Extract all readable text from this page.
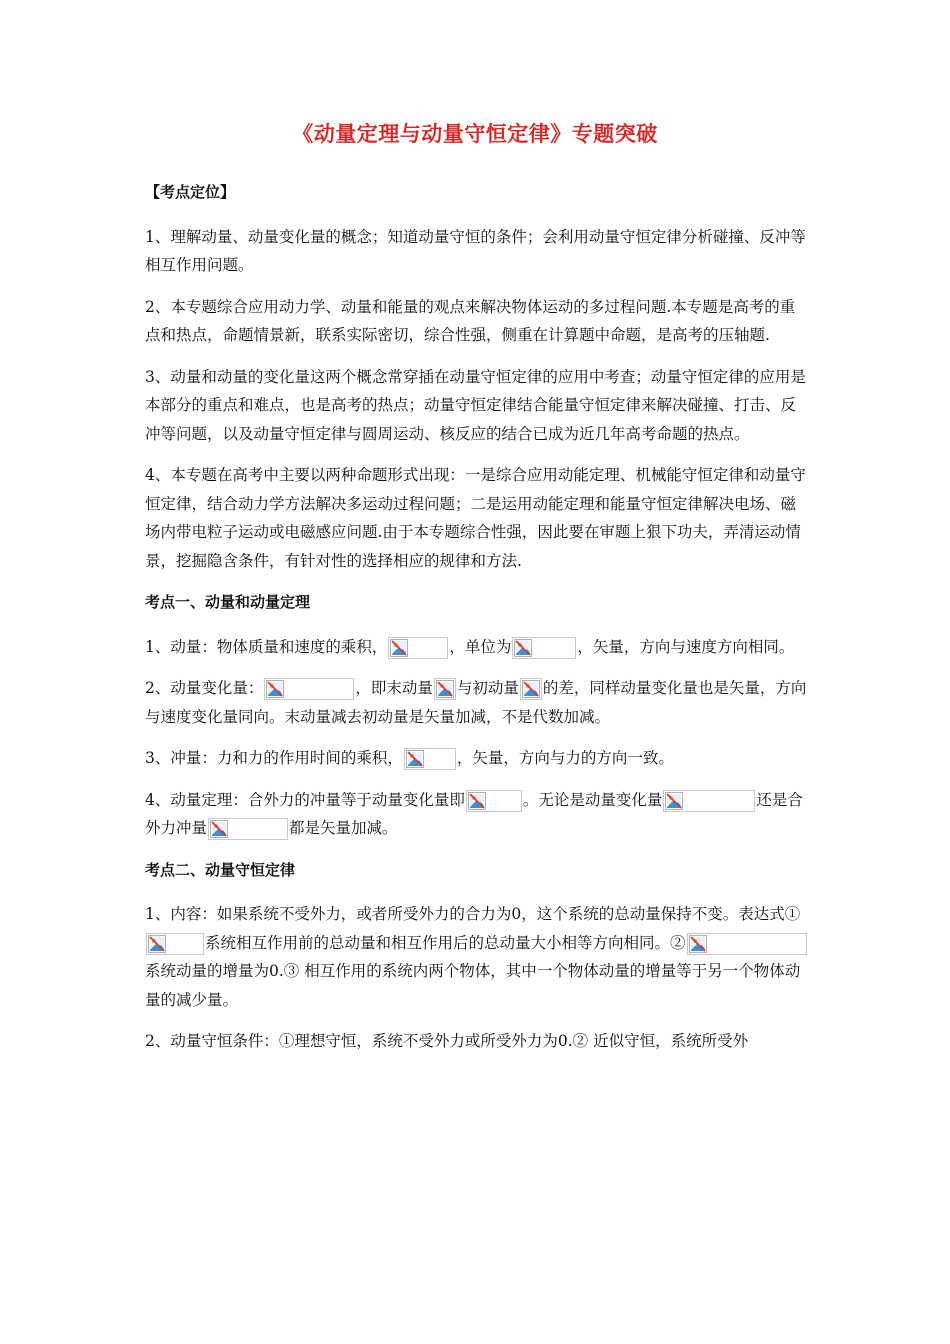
《动量定理与动量守恒定律》专题突破

【考点定位】

1、理解动量、动量变化量的概念；知道动量守恒的条件；会利用动量守恒定律分析碰撞、反冲等相互作用问题。

2、本专题综合应用动力学、动量和能量的观点来解决物体运动的多过程问题.本专题是高考的重点和热点，命题情景新，联系实际密切，综合性强，侧重在计算题中命题，是高考的压轴题.

3、动量和动量的变化量这两个概念常穿插在动量守恒定律的应用中考查；动量守恒定律的应用是本部分的重点和难点，也是高考的热点；动量守恒定律结合能量守恒定律来解决碰撞、打击、反冲等问题，以及动量守恒定律与圆周运动、核反应的结合已成为近几年高考命题的热点。

4、本专题在高考中主要以两种命题形式出现：一是综合应用动能定理、机械能守恒定律和动量守恒定律，结合动力学方法解决多运动过程问题；二是运用动能定理和能量守恒定律解决电场、磁场内带电粒子运动或电磁感应问题.由于本专题综合性强，因此要在审题上狠下功夫，弄清运动情景，挖掘隐含条件，有针对性的选择相应的规律和方法.

考点一、动量和动量定理

1、动量：物体质量和速度的乘积，	，单位为	，矢量，方向与速度方向相同。

2、动量变化量：	，即末动量 与初动量 的差，同样动量变化量也是矢量，方向与速度变化量同向。末动量减去初动量是矢量加减，不是代数加减。

3、冲量：力和力的作用时间的乘积，	，矢量，方向与力的方向一致。

4、动量定理：合外力的冲量等于动量变化量即	。无论是动量变化量	还是合外力冲量	都是矢量加减。

考点二、动量守恒定律

1、内容：如果系统不受外力，或者所受外力的合力为0，这个系统的总动量保持不变。表达式①
系统相互作用前的总动量和相互作用后的总动量大小相等方向相同。②
系统动量的增量为0.③ 相互作用的系统内两个物体，其中一个物体动量的增量等于另一个物体动量的减少量。

2、动量守恒条件：①理想守恒，系统不受外力或所受外力为0.② 近似守恒，系统所受外
